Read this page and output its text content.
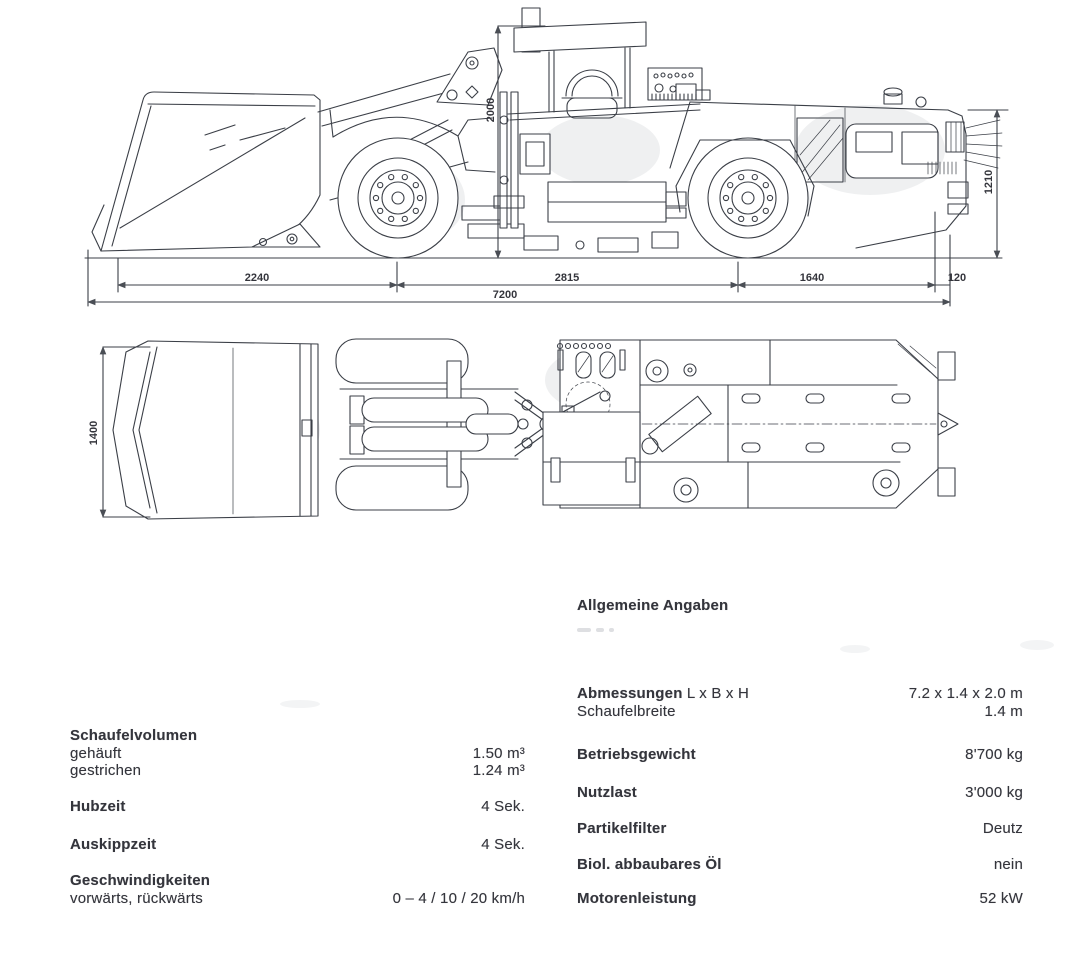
2240	2815	1640	120
7200
2000
1210
1400
Allgemeine Angaben
Abmessungen L x B x H	7.2 x 1.4 x 2.0 m
Schaufelbreite	1.4 m
Betriebsgewicht	8'700 kg
Nutzlast	3'000 kg
Partikelfilter	Deutz
Biol. abbaubares Öl	nein
Motorenleistung	52 kW
Schaufelvolumen
gehäuft	1.50 m³
gestrichen	1.24 m³
Hubzeit	4 Sek.
Auskippzeit	4 Sek.
Geschwindigkeiten
vorwärts, rückwärts	0 – 4 / 10 / 20 km/h
